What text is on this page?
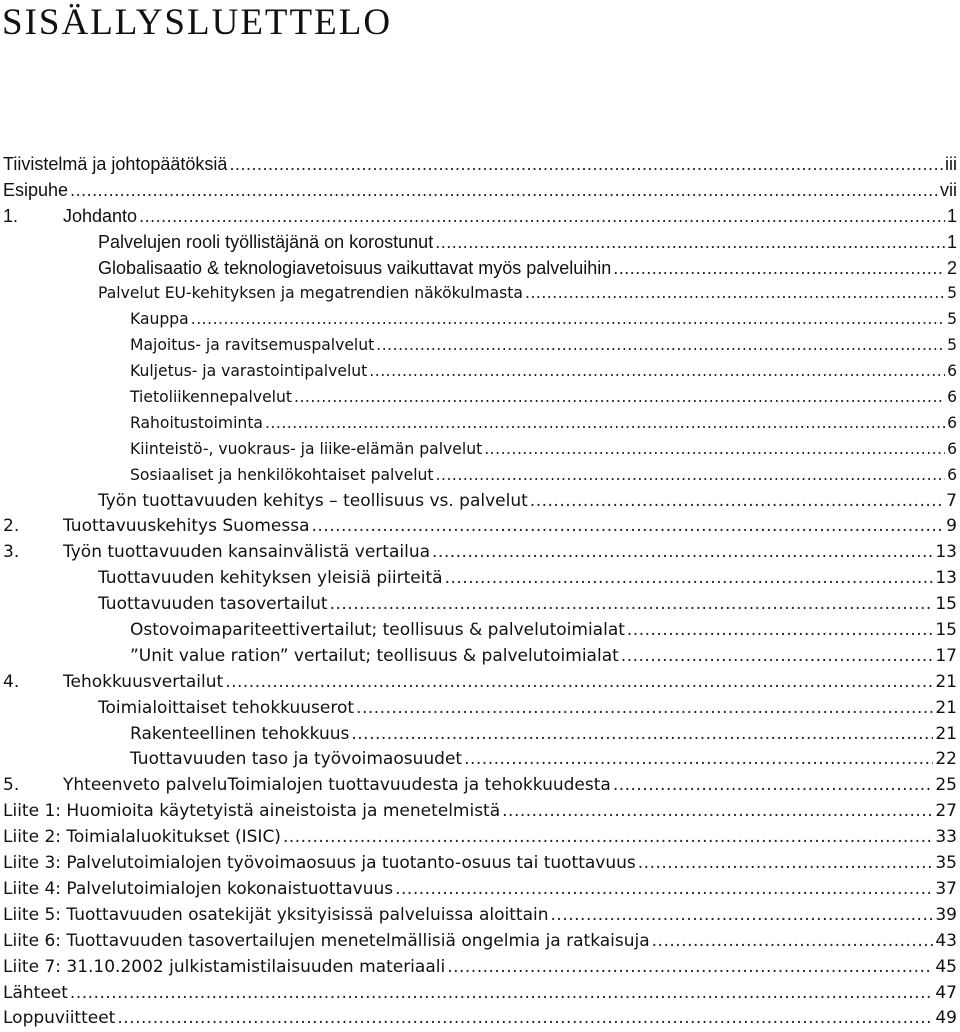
SISÄLLYSLUETTELO
Tiivistelmä ja johtopäätöksiä .....	iii
Esipuhe .....	vii
1.	Johdanto .....	1
Palvelujen rooli työllistäjänä on korostunut .....	1
Globalisaatio & teknologiavetoisuus vaikuttavat myös palveluihin .....	2
Palvelut EU-kehityksen ja megatrendien näkökulmasta .....	5
Kauppa .....	5
Majoitus- ja ravitsemuspalvelut .....	5
Kuljetus- ja varastointipalvelut .....	6
Tietoliikennepalvelut .....	6
Rahoitustoiminta .....	6
Kiinteistö-, vuokraus- ja liike-elämän palvelut .....	6
Sosiaaliset ja henkilökohtaiset palvelut .....	6
Työn tuottavuuden kehitys – teollisuus vs. palvelut .....	7
2.	Tuottavuuskehitys Suomessa .....	9
3.	Työn tuottavuuden kansainvälistä vertailua .....	13
Tuottavuuden kehityksen yleisiä piirteitä .....	13
Tuottavuuden tasovertailut .....	15
Ostovoimapariteettivertailut; teollisuus & palvelutoimialat .....	15
”Unit value ration” vertailut; teollisuus & palvelutoimialat .....	17
4.	Tehokkuusvertailut .....	21
Toimialoittaiset tehokkuuserot .....	21
Rakenteellinen tehokkuus .....	21
Tuottavuuden taso ja työvoimaosuudet .....	22
5.	Yhteenveto palveluToimialojen tuottavuudesta ja tehokkuudesta .....	25
Liite 1: Huomioita käytetyistä aineistoista ja menetelmistä .....	27
Liite 2: Toimialaluokitukset (ISIC) .....	33
Liite 3: Palvelutoimialojen työvoimaosuus ja tuotanto-osuus tai tuottavuus .....	35
Liite 4: Palvelutoimialojen kokonaistuottavuus .....	37
Liite 5: Tuottavuuden osatekijät yksityisissä palveluissa aloittain .....	39
Liite 6: Tuottavuuden tasovertailujen menetelmällisiä ongelmia ja ratkaisuja .....	43
Liite 7: 31.10.2002 julkistamistilaisuuden materiaali .....	45
Lähteet .....	47
Loppuviitteet .....	49
